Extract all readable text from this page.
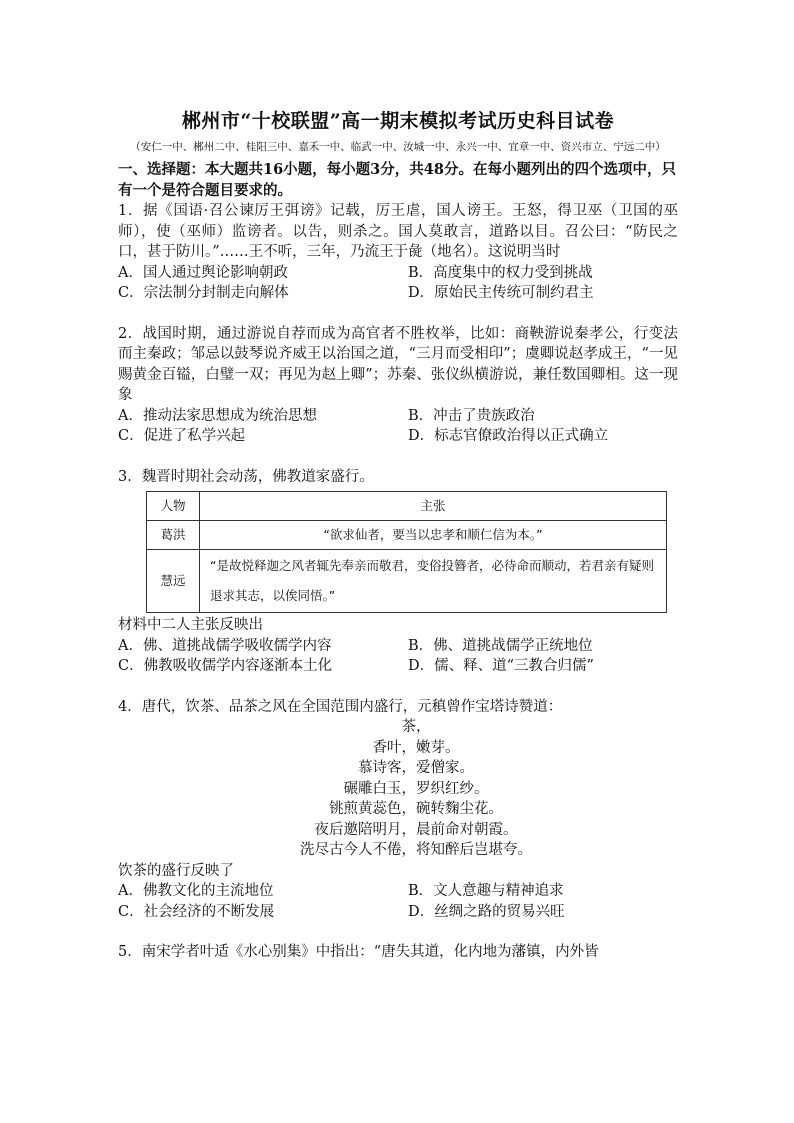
郴州市“十校联盟”高一期末模拟考试历史科目试卷
（安仁一中、郴州二中、桂阳三中、嘉禾一中、临武一中、汝城一中、永兴一中、宜章一中、资兴市立、宁远二中）
一、选择题：本大题共16小题，每小题3分，共48分。在每小题列出的四个选项中，只有一个是符合题目要求的。
1．据《国语·召公谏厉王弭谤》记载，厉王虐，国人谤王。王怒，得卫巫（卫国的巫师），使（巫师）监谤者。以告，则杀之。国人莫敢言，道路以目。召公曰：“防民之口，甚于防川。”……王不听，三年，乃流王于彘（地名）。这说明当时
A．国人通过舆论影响朝政	B．高度集中的权力受到挑战
C．宗法制分封制走向解体	D．原始民主传统可制约君主
2．战国时期，通过游说自荐而成为高官者不胜枚举，比如：商鞅游说秦孝公，行变法而主秦政；邹忌以鼓琴说齐威王以治国之道，“三月而受相印”；虞卿说赵孝成王，“一见赐黄金百镒，白璧一双；再见为赵上卿”；苏秦、张仪纵横游说，兼任数国卿相。这一现象
A．推动法家思想成为统治思想	B．冲击了贵族政治
C．促进了私学兴起	D．标志官僚政治得以正式确立
3．魏晋时期社会动荡，佛教道家盛行。
人物	主张
葛洪	“欲求仙者，要当以忠孝和顺仁信为本。”
慧远	“是故悦释迦之风者辄先奉亲而敬君，变俗投簪者，必待命而顺动，若君亲有疑则退求其志，以俟同悟。”
材料中二人主张反映出
A．佛、道挑战儒学吸收儒学内容	B．佛、道挑战儒学正统地位
C．佛教吸收儒学内容逐渐本土化	D．儒、释、道“三教合归儒”
4．唐代，饮茶、品茶之风在全国范围内盛行，元稹曾作宝塔诗赞道：
茶，
香叶，嫩芽。
慕诗客，爱僧家。
碾雕白玉，罗织红纱。
铫煎黄蕊色，碗转麴尘花。
夜后邀陪明月，晨前命对朝霞。
洗尽古今人不倦，将知醉后岂堪夸。
饮茶的盛行反映了
A．佛教文化的主流地位	B．文人意趣与精神追求
C．社会经济的不断发展	D．丝绸之路的贸易兴旺
5．南宋学者叶适《水心别集》中指出：“唐失其道，化内地为藩镇，内外皆
